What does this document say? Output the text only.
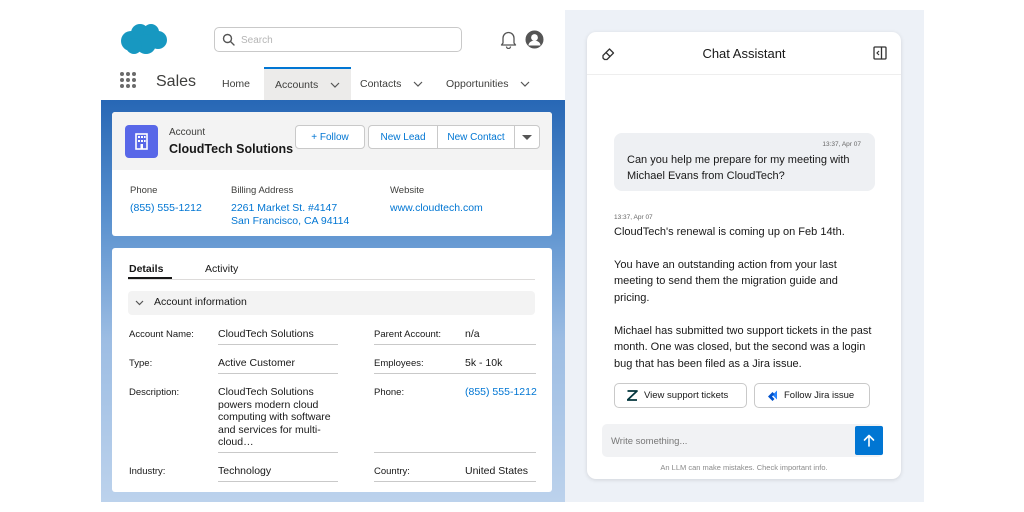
Search
Sales Home Accounts	Contacts	Opportunities
Account
CloudTech Solutions
+ Follow	New Lead	New Contact
Phone
(855) 555-1212
Billing Address
2261 Market St. #4147
San Francisco, CA 94114
Website
www.cloudtech.com
Details	Activity
Account information
Account Name: CloudTech Solutions	Parent Account: n/a
Type:	Active Customer	Employees:	5k - 10k
Description:	CloudTech Solutions powers modern cloud computing with software and services for multi-cloud…
Phone:	(855) 555-1212
Industry:	Technology	Country:	United States
Chat Assistant
13:37, Apr 07
Can you help me prepare for my meeting with Michael Evans from CloudTech?
13:37, Apr 07
CloudTech's renewal is coming up on Feb 14th.
You have an outstanding action from your last meeting to send them the migration guide and pricing.
Michael has submitted two support tickets in the past month. One was closed, but the second was a login bug that has been filed as a Jira issue.
View support tickets	Follow Jira issue
Write something...
An LLM can make mistakes. Check important info.
